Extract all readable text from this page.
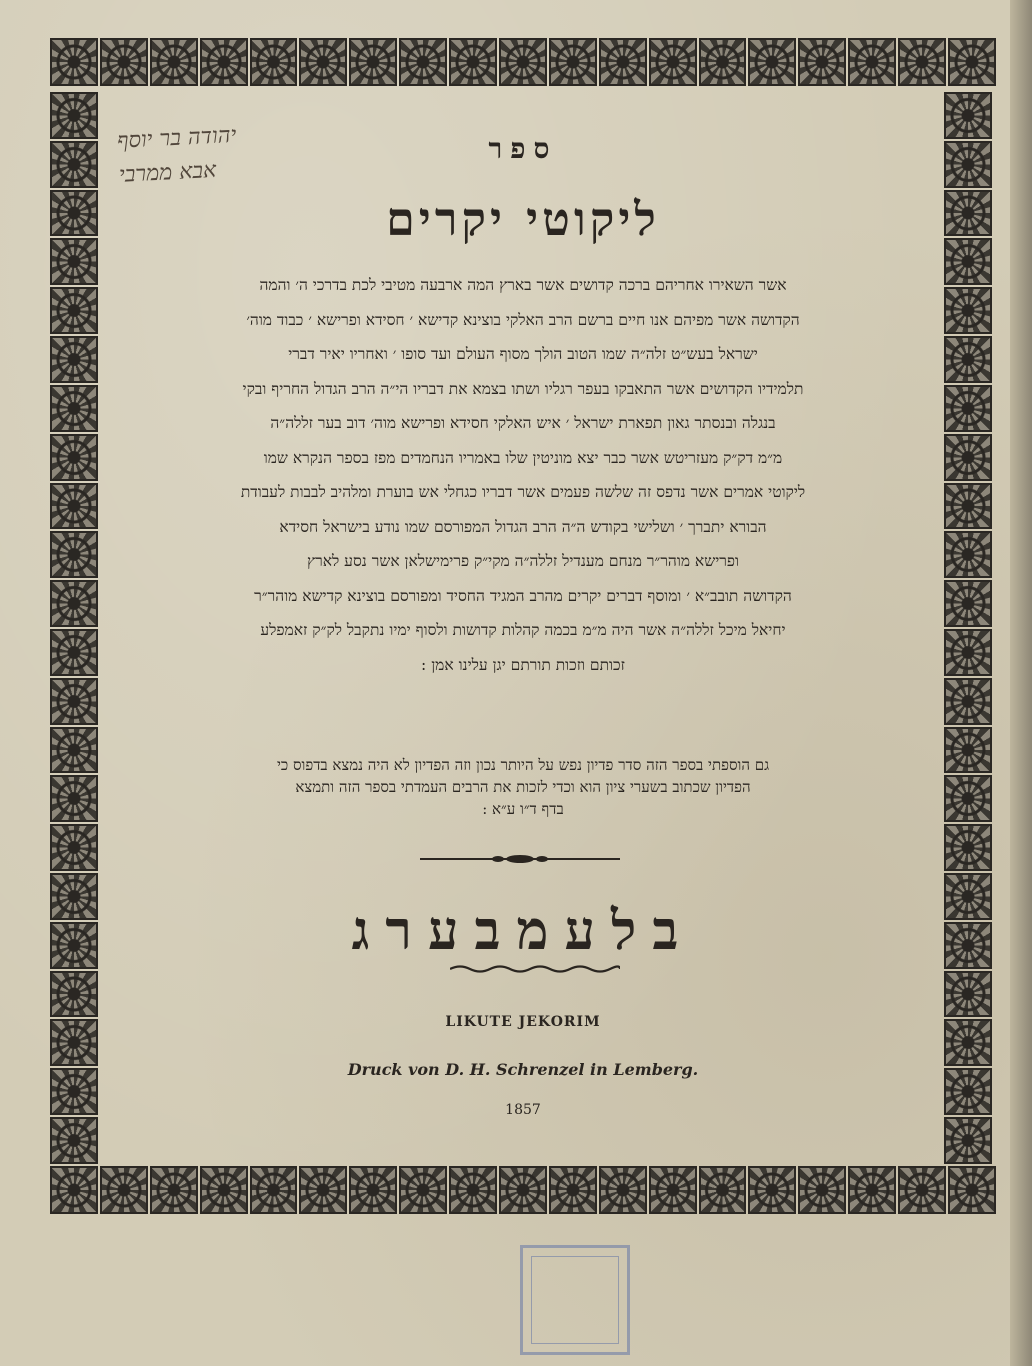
יהודה בר יוסף
אבא ממרבי
ספר
ליקוטי יקרים
אשר השאירו אחריהם ברכה קדושים אשר בארץ המה ארבעה מטיבי לכת בדרכי ה׳ והמה
הקדושה אשר מפיהם אנו חיים ברשם הרב האלקי בוצינא קדישא ׳ חסידא ופרישא ׳ כבוד מוה׳
ישראל בעש״ט זלה״ה שמו הטוב הולך מסוף העולם ועד סופו ׳ ואחריו יאיר דברי
תלמידיו הקדושים אשר התאבקו בעפר רגליו ושתו בצמא את דבריו הי״ה הרב הגדול החריף ובקי
בנגלה ובנסתר גאון תפארת ישראל ׳ איש האלקי חסידא ופרישא מוה׳ דוב בער זללה״ה
מ״מ דק״ק מעזריטש אשר כבר יצא מוניטין שלו באמריו הנחמדים מפז בספר הנקרא שמו
ליקוטי אמרים אשר נדפס זה שלשה פעמים אשר דבריו כגחלי אש בוערת ומלהיב לבבות לעבודת
הבורא יתברך ׳ ושלישי בקודש ה״ה הרב הגדול המפורסם שמו נודע בישראל חסידא
ופרישא מוהר״ר מנחם מענדיל זללה״ה מקי״ק פרימישלאן אשר נסע לארץ
הקדושה תובב״א ׳ ומוסף דברים יקרים מהרב המגיד החסיד ומפורסם בוצינא קדישא מוהר״ר
יחיאל מיכל זללה״ה אשר היה מ״מ בכמה קהלות קדושות ולסוף ימיו נתקבל לק״ק זאמפלע
זכותם וזכות תורתם יגן עלינו אמן :
גם הוספתי בספר הזה סדר פדיון נפש על היותר נכון וזה הפדיון לא היה נמצא בדפוס כי
הפדיון שכתוב בשערי ציון הוא וכדי לזכות את הרבים העמדתי בספר הזה ותמצא
בדף ד״ו ע״א :
בלעמבערג
LIKUTE JEKORIM
Druck von D. H. Schrenzel in Lemberg.
1857
